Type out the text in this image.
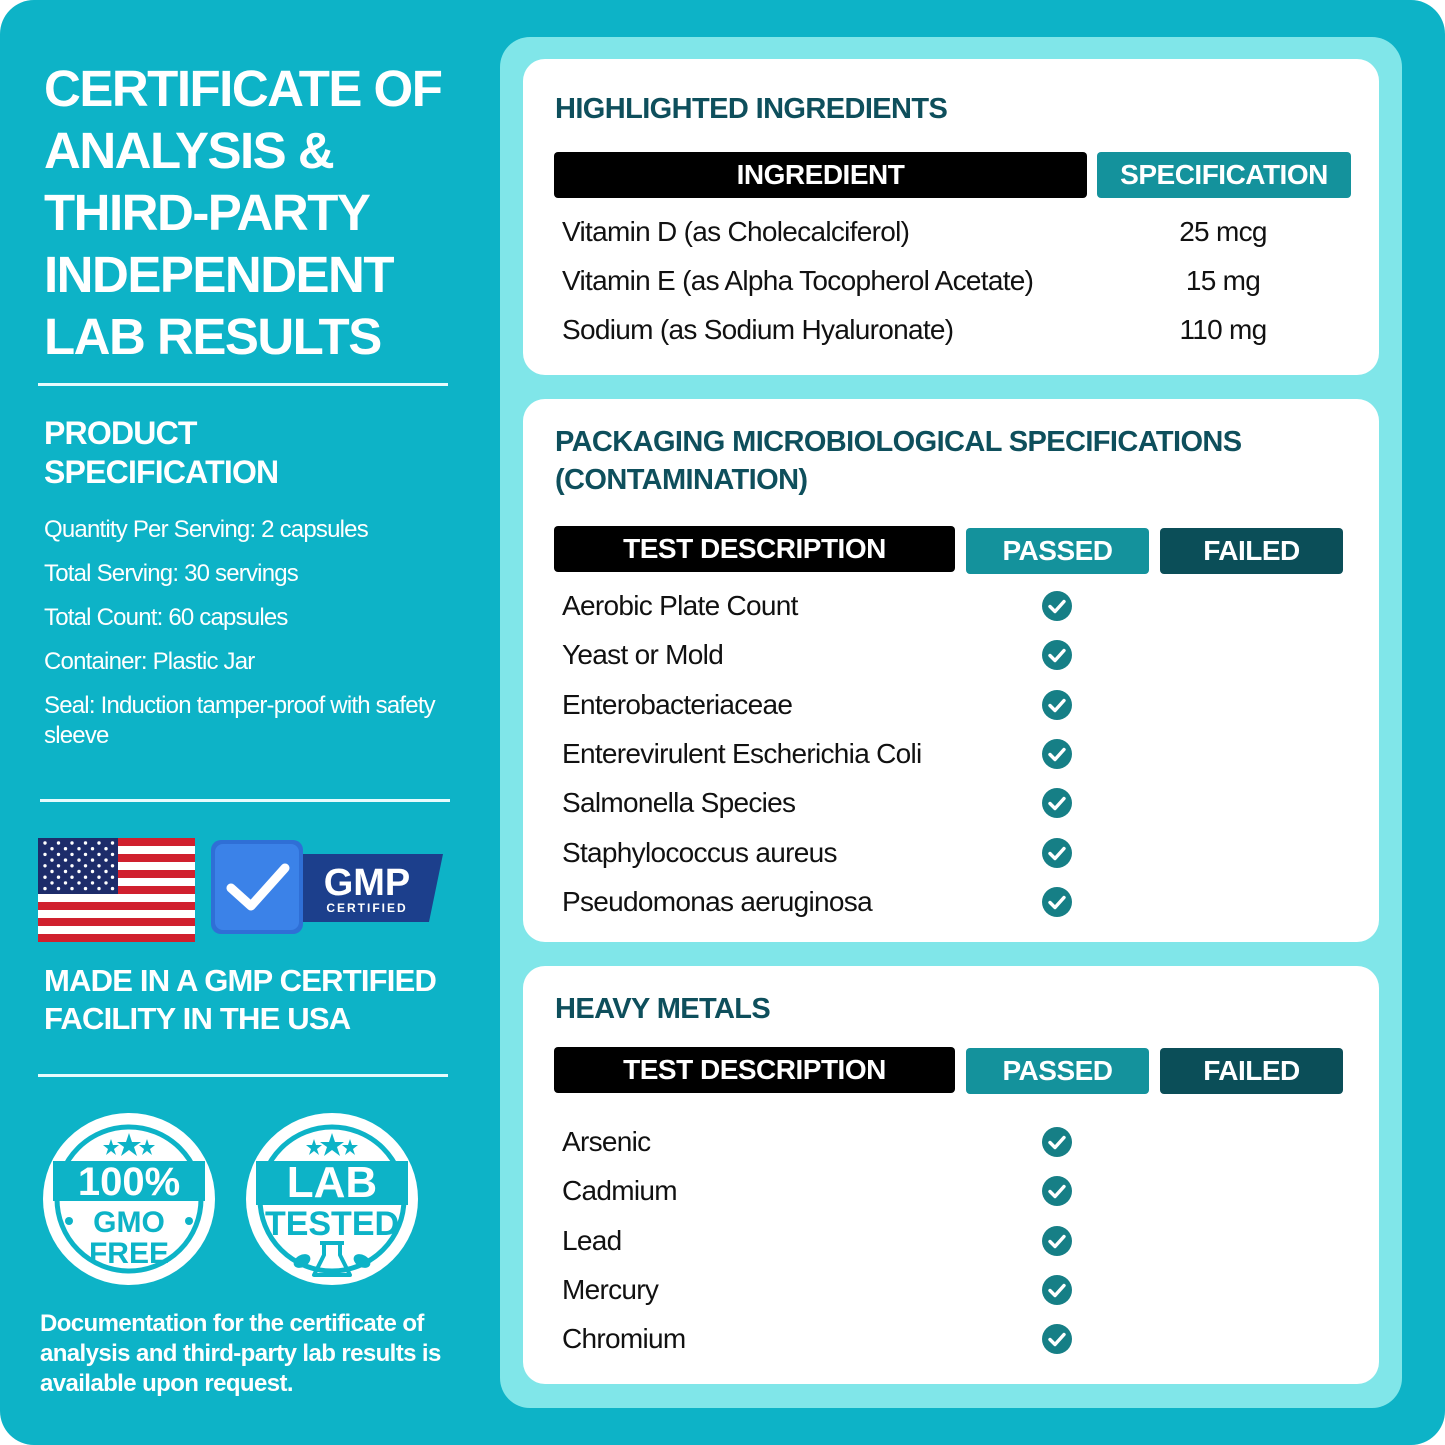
CERTIFICATE OF
ANALYSIS &
THIRD-PARTY
INDEPENDENT
LAB RESULTS
PRODUCT
SPECIFICATION
Quantity Per Serving: 2 capsules
Total Serving: 30 servings
Total Count: 60 capsules
Container: Plastic Jar
Seal: Induction tamper-proof with safety sleeve
GMP
CERTIFIED
MADE IN A GMP CERTIFIED
FACILITY IN THE USA
100%
GMO
FREE
LAB
TESTED
Documentation for the certificate of analysis and third-party lab results is available upon request.
HIGHLIGHTED INGREDIENTS
INGREDIENT	SPECIFICATION
Vitamin D (as Cholecalciferol)	25 mcg
Vitamin E (as Alpha Tocopherol Acetate)	15 mg
Sodium (as Sodium Hyaluronate)	110 mg
PACKAGING MICROBIOLOGICAL SPECIFICATIONS
(CONTAMINATION)
TEST DESCRIPTION	PASSED	FAILED
Aerobic Plate Count
Yeast or Mold
Enterobacteriaceae
Enterevirulent Escherichia Coli
Salmonella Species
Staphylococcus aureus
Pseudomonas aeruginosa
HEAVY METALS
TEST DESCRIPTION	PASSED	FAILED
Arsenic
Cadmium
Lead
Mercury
Chromium
